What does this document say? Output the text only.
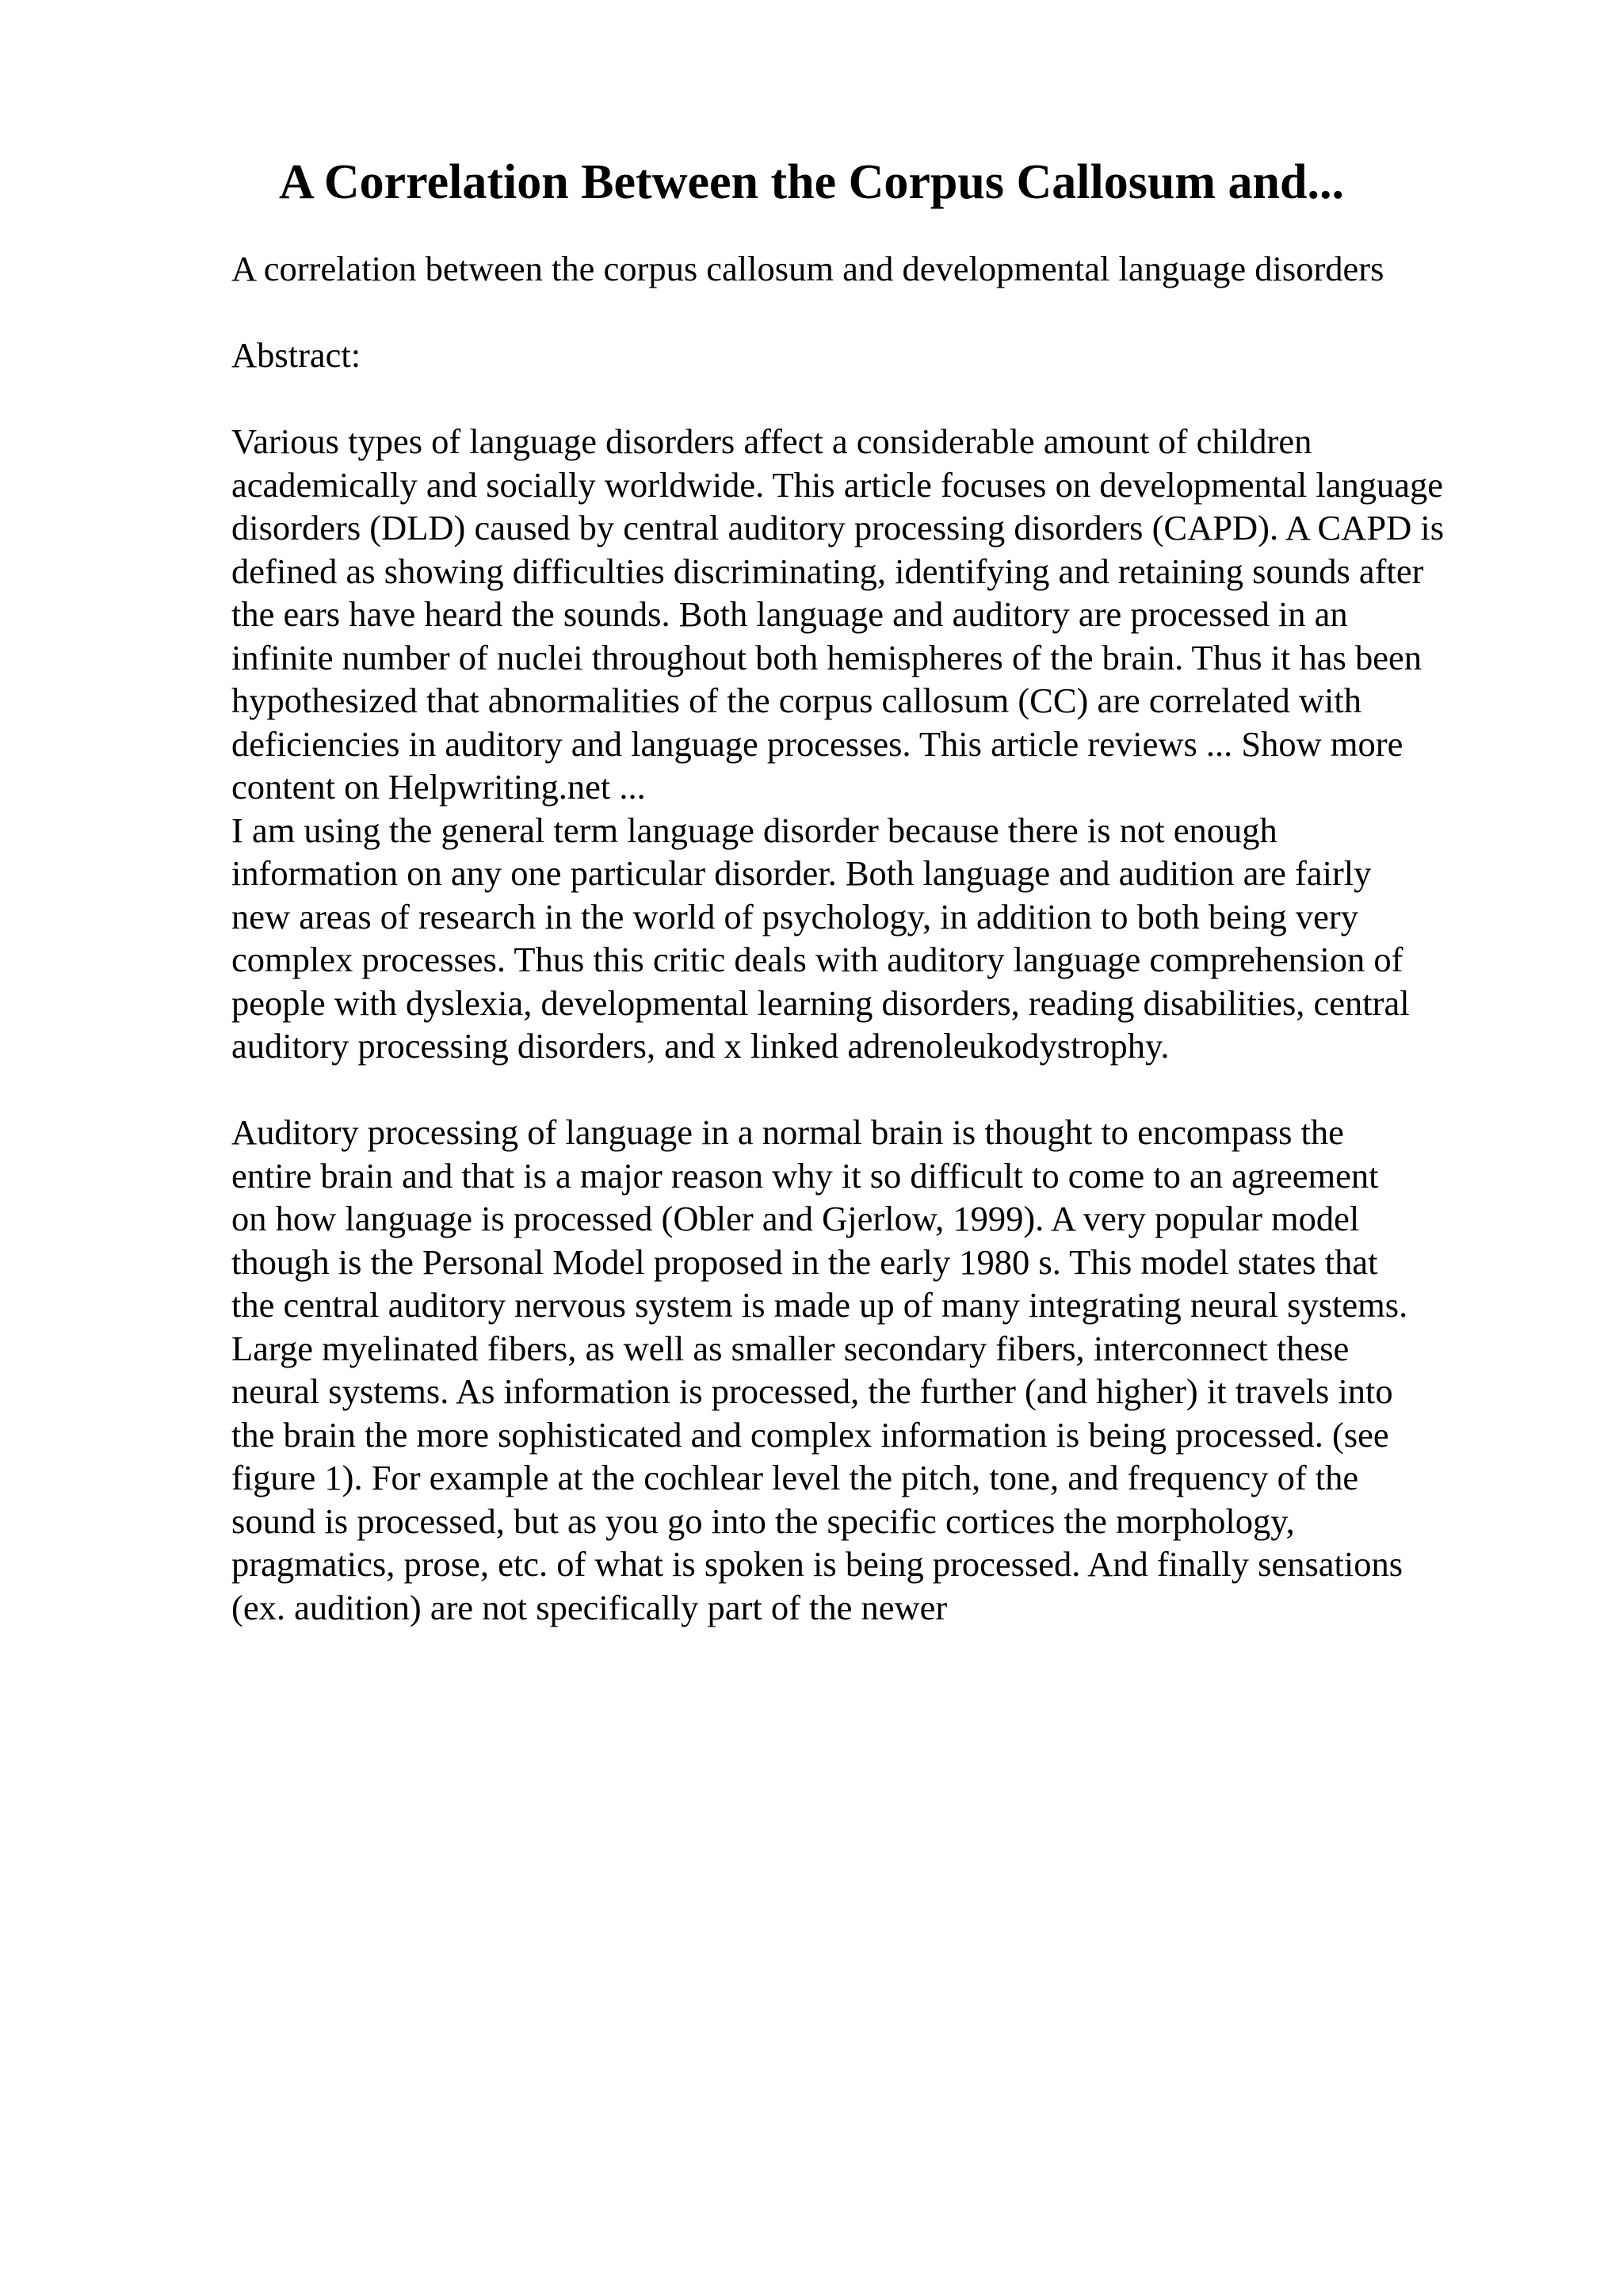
A Correlation Between the Corpus Callosum and...
A correlation between the corpus callosum and developmental language disorders
Abstract:
Various types of language disorders affect a considerable amount of children
academically and socially worldwide. This article focuses on developmental language
disorders (DLD) caused by central auditory processing disorders (CAPD). A CAPD is
defined as showing difficulties discriminating, identifying and retaining sounds after
the ears have heard the sounds. Both language and auditory are processed in an
infinite number of nuclei throughout both hemispheres of the brain. Thus it has been
hypothesized that abnormalities of the corpus callosum (CC) are correlated with
deficiencies in auditory and language processes. This article reviews ... Show more
content on Helpwriting.net ...
I am using the general term language disorder because there is not enough
information on any one particular disorder. Both language and audition are fairly
new areas of research in the world of psychology, in addition to both being very
complex processes. Thus this critic deals with auditory language comprehension of
people with dyslexia, developmental learning disorders, reading disabilities, central
auditory processing disorders, and x linked adrenoleukodystrophy.
Auditory processing of language in a normal brain is thought to encompass the
entire brain and that is a major reason why it so difficult to come to an agreement
on how language is processed (Obler and Gjerlow, 1999). A very popular model
though is the Personal Model proposed in the early 1980 s. This model states that
the central auditory nervous system is made up of many integrating neural systems.
Large myelinated fibers, as well as smaller secondary fibers, interconnect these
neural systems. As information is processed, the further (and higher) it travels into
the brain the more sophisticated and complex information is being processed. (see
figure 1). For example at the cochlear level the pitch, tone, and frequency of the
sound is processed, but as you go into the specific cortices the morphology,
pragmatics, prose, etc. of what is spoken is being processed. And finally sensations
(ex. audition) are not specifically part of the newer
